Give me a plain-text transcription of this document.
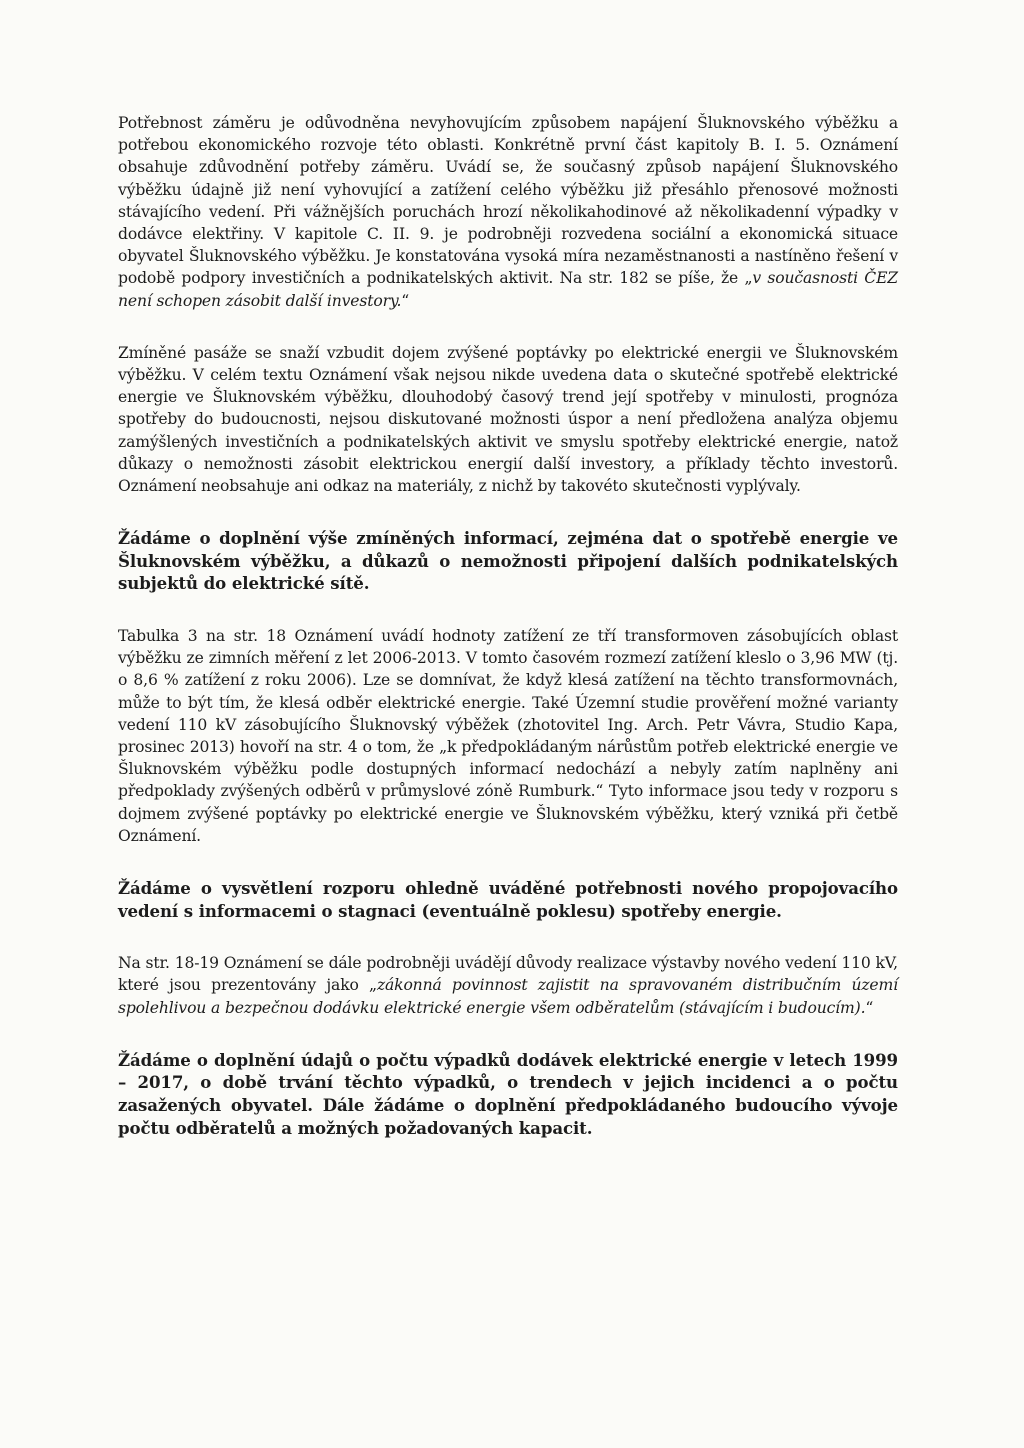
Potřebnost záměru je odůvodněna nevyhovujícím způsobem napájení Šluknovského výběžku a potřebou ekonomického rozvoje této oblasti. Konkrétně první část kapitoly B. I. 5. Oznámení obsahuje zdůvodnění potřeby záměru. Uvádí se, že současný způsob napájení Šluknovského výběžku údajně již není vyhovující a zatížení celého výběžku již přesáhlo přenosové možnosti stávajícího vedení. Při vážnějších poruchách hrozí několikahodinové až několikadenní výpadky v dodávce elektřiny. V kapitole C. II. 9. je podrobněji rozvedena sociální a ekonomická situace obyvatel Šluknovského výběžku. Je konstatována vysoká míra nezaměstnanosti a nastíněno řešení v podobě podpory investičních a podnikatelských aktivit. Na str. 182 se píše, že „v současnosti ČEZ není schopen zásobit další investory.“

Zmíněné pasáže se snaží vzbudit dojem zvýšené poptávky po elektrické energii ve Šluknovském výběžku. V celém textu Oznámení však nejsou nikde uvedena data o skutečné spotřebě elektrické energie ve Šluknovském výběžku, dlouhodobý časový trend její spotřeby v minulosti, prognóza spotřeby do budoucnosti, nejsou diskutované možnosti úspor a není předložena analýza objemu zamýšlených investičních a podnikatelských aktivit ve smyslu spotřeby elektrické energie, natož důkazy o nemožnosti zásobit elektrickou energií další investory, a příklady těchto investorů. Oznámení neobsahuje ani odkaz na materiály, z nichž by takovéto skutečnosti vyplývaly.

Žádáme o doplnění výše zmíněných informací, zejména dat o spotřebě energie ve Šluknovském výběžku, a důkazů o nemožnosti připojení dalších podnikatelských subjektů do elektrické sítě.

Tabulka 3 na str. 18 Oznámení uvádí hodnoty zatížení ze tří transformoven zásobujících oblast výběžku ze zimních měření z let 2006-2013. V tomto časovém rozmezí zatížení kleslo o 3,96 MW (tj. o 8,6 % zatížení z roku 2006). Lze se domnívat, že když klesá zatížení na těchto transformovnách, může to být tím, že klesá odběr elektrické energie. Také Územní studie prověření možné varianty vedení 110 kV zásobujícího Šluknovský výběžek (zhotovitel Ing. Arch. Petr Vávra, Studio Kapa, prosinec 2013) hovoří na str. 4 o tom, že „k předpokládaným nárůstům potřeb elektrické energie ve Šluknovském výběžku podle dostupných informací nedochází a nebyly zatím naplněny ani předpoklady zvýšených odběrů v průmyslové zóně Rumburk.“ Tyto informace jsou tedy v rozporu s dojmem zvýšené poptávky po elektrické energie ve Šluknovském výběžku, který vzniká při četbě Oznámení.

Žádáme o vysvětlení rozporu ohledně uváděné potřebnosti nového propojovacího vedení s informacemi o stagnaci (eventuálně poklesu) spotřeby energie.

Na str. 18-19 Oznámení se dále podrobněji uvádějí důvody realizace výstavby nového vedení 110 kV, které jsou prezentovány jako „zákonná povinnost zajistit na spravovaném distribučním území spolehlivou a bezpečnou dodávku elektrické energie všem odběratelům (stávajícím i budoucím).“

Žádáme o doplnění údajů o počtu výpadků dodávek elektrické energie v letech 1999 – 2017, o době trvání těchto výpadků, o trendech v jejich incidenci a o počtu zasažených obyvatel. Dále žádáme o doplnění předpokládaného budoucího vývoje počtu odběratelů a možných požadovaných kapacit.
